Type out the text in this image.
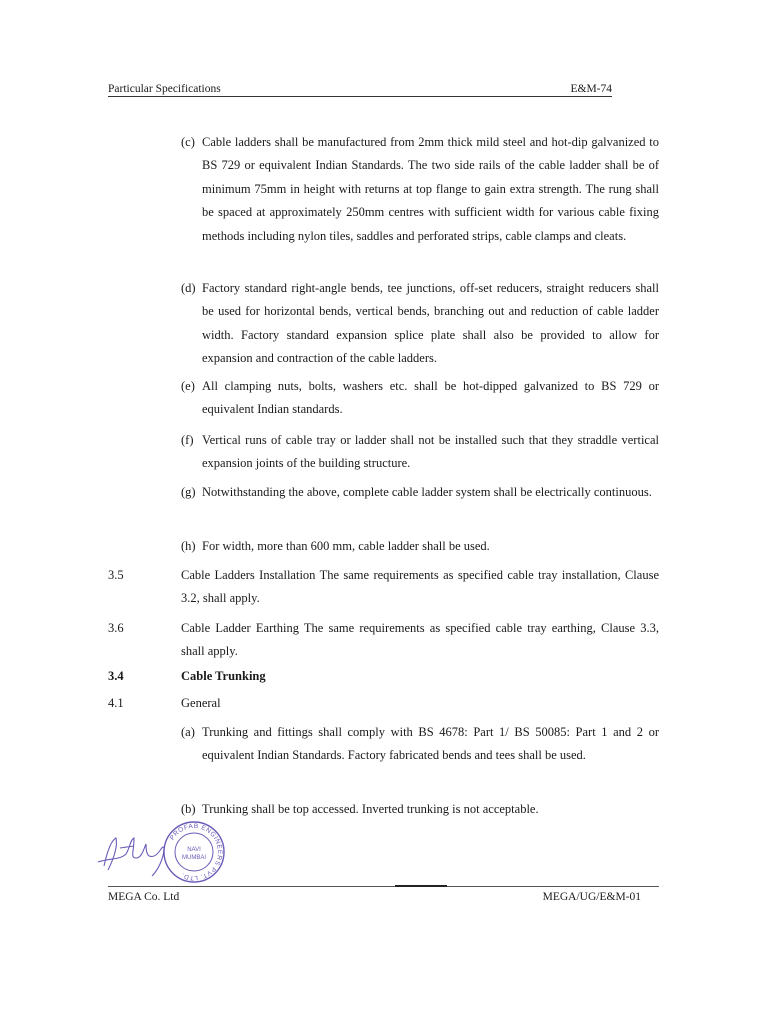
Particular Specifications	E&M-74
(c) Cable ladders shall be manufactured from 2mm thick mild steel and hot-dip galvanized to BS 729 or equivalent Indian Standards. The two side rails of the cable ladder shall be of minimum 75mm in height with returns at top flange to gain extra strength. The rung shall be spaced at approximately 250mm centres with sufficient width for various cable fixing methods including nylon tiles, saddles and perforated strips, cable clamps and cleats.
(d) Factory standard right-angle bends, tee junctions, off-set reducers, straight reducers shall be used for horizontal bends, vertical bends, branching out and reduction of cable ladder width. Factory standard expansion splice plate shall also be provided to allow for expansion and contraction of the cable ladders.
(e) All clamping nuts, bolts, washers etc. shall be hot-dipped galvanized to BS 729 or equivalent Indian standards.
(f) Vertical runs of cable tray or ladder shall not be installed such that they straddle vertical expansion joints of the building structure.
(g) Notwithstanding the above, complete cable ladder system shall be electrically continuous.
(h) For width, more than 600 mm, cable ladder shall be used.
3.5	Cable Ladders Installation The same requirements as specified cable tray installation, Clause 3.2, shall apply.
3.6	Cable Ladder Earthing The same requirements as specified cable tray earthing, Clause 3.3, shall apply.
3.4	Cable Trunking
4.1	General
(a) Trunking and fittings shall comply with BS 4678: Part 1/ BS 50085: Part 1 and 2 or equivalent Indian Standards. Factory fabricated bends and tees shall be used.
(b) Trunking shall be top accessed. Inverted trunking is not acceptable.
PROFAB ENGINEERS PVT. LTD.
NAVI
MUMBAI
MEGA Co. Ltd	MEGA/UG/E&M-01
